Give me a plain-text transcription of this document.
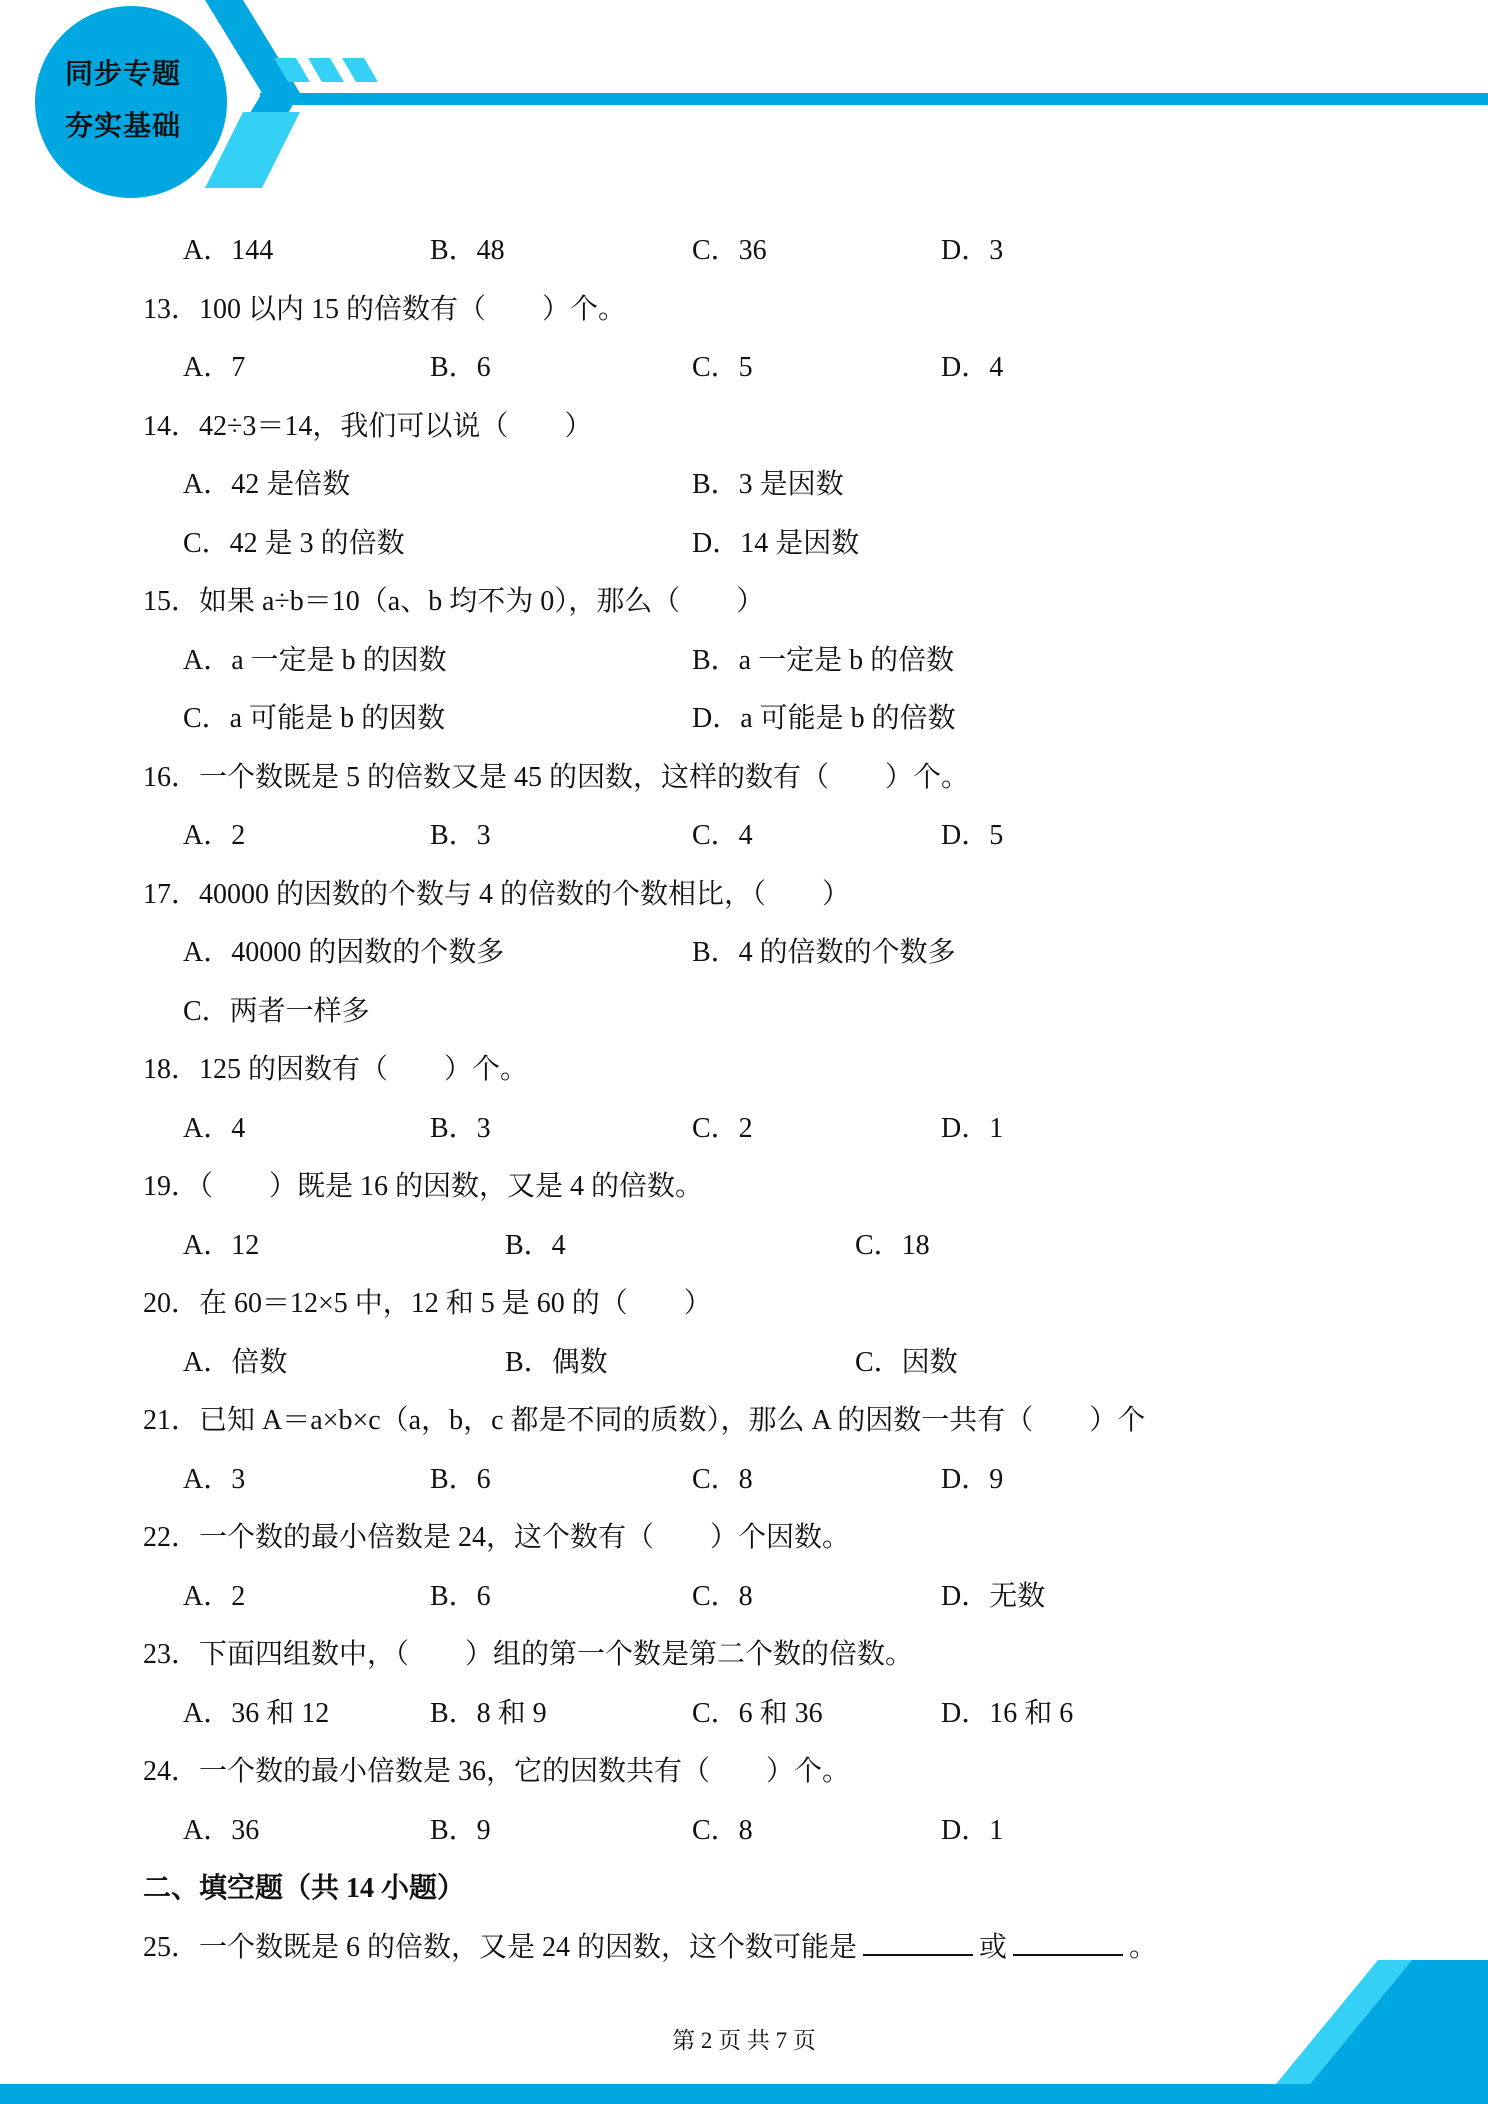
同步专题
夯实基础
A．144	B．48	C．36	D．3
13．100 以内 15 的倍数有（　　）个。
A．7	B．6	C．5	D．4
14．42÷3＝14，我们可以说（　　）
A．42 是倍数	B．3 是因数
C．42 是 3 的倍数	D．14 是因数
15．如果 a÷b＝10（a、b 均不为 0），那么（　　）
A．a 一定是 b 的因数	B．a 一定是 b 的倍数
C．a 可能是 b 的因数	D．a 可能是 b 的倍数
16．一个数既是 5 的倍数又是 45 的因数，这样的数有（　　）个。
A．2	B．3	C．4	D．5
17．40000 的因数的个数与 4 的倍数的个数相比，（　　）
A．40000 的因数的个数多	B．4 的倍数的个数多
C．两者一样多
18．125 的因数有（　　）个。
A．4	B．3	C．2	D．1
19．（　　）既是 16 的因数，又是 4 的倍数。
A．12	B．4	C．18
20．在 60＝12×5 中，12 和 5 是 60 的（　　）
A．倍数	B．偶数	C．因数
21．已知 A＝a×b×c（a，b，c 都是不同的质数），那么 A 的因数一共有（　　）个
A．3	B．6	C．8	D．9
22．一个数的最小倍数是 24，这个数有（　　）个因数。
A．2	B．6	C．8	D．无数
23．下面四组数中，（　　）组的第一个数是第二个数的倍数。
A．36 和 12	B．8 和 9	C．6 和 36	D．16 和 6
24．一个数的最小倍数是 36，它的因数共有（　　）个。
A．36	B．9	C．8	D．1
二、填空题（共 14 小题）
25．一个数既是 6 的倍数，又是 24 的因数，这个数可能是	或	。
第 2 页 共 7 页
